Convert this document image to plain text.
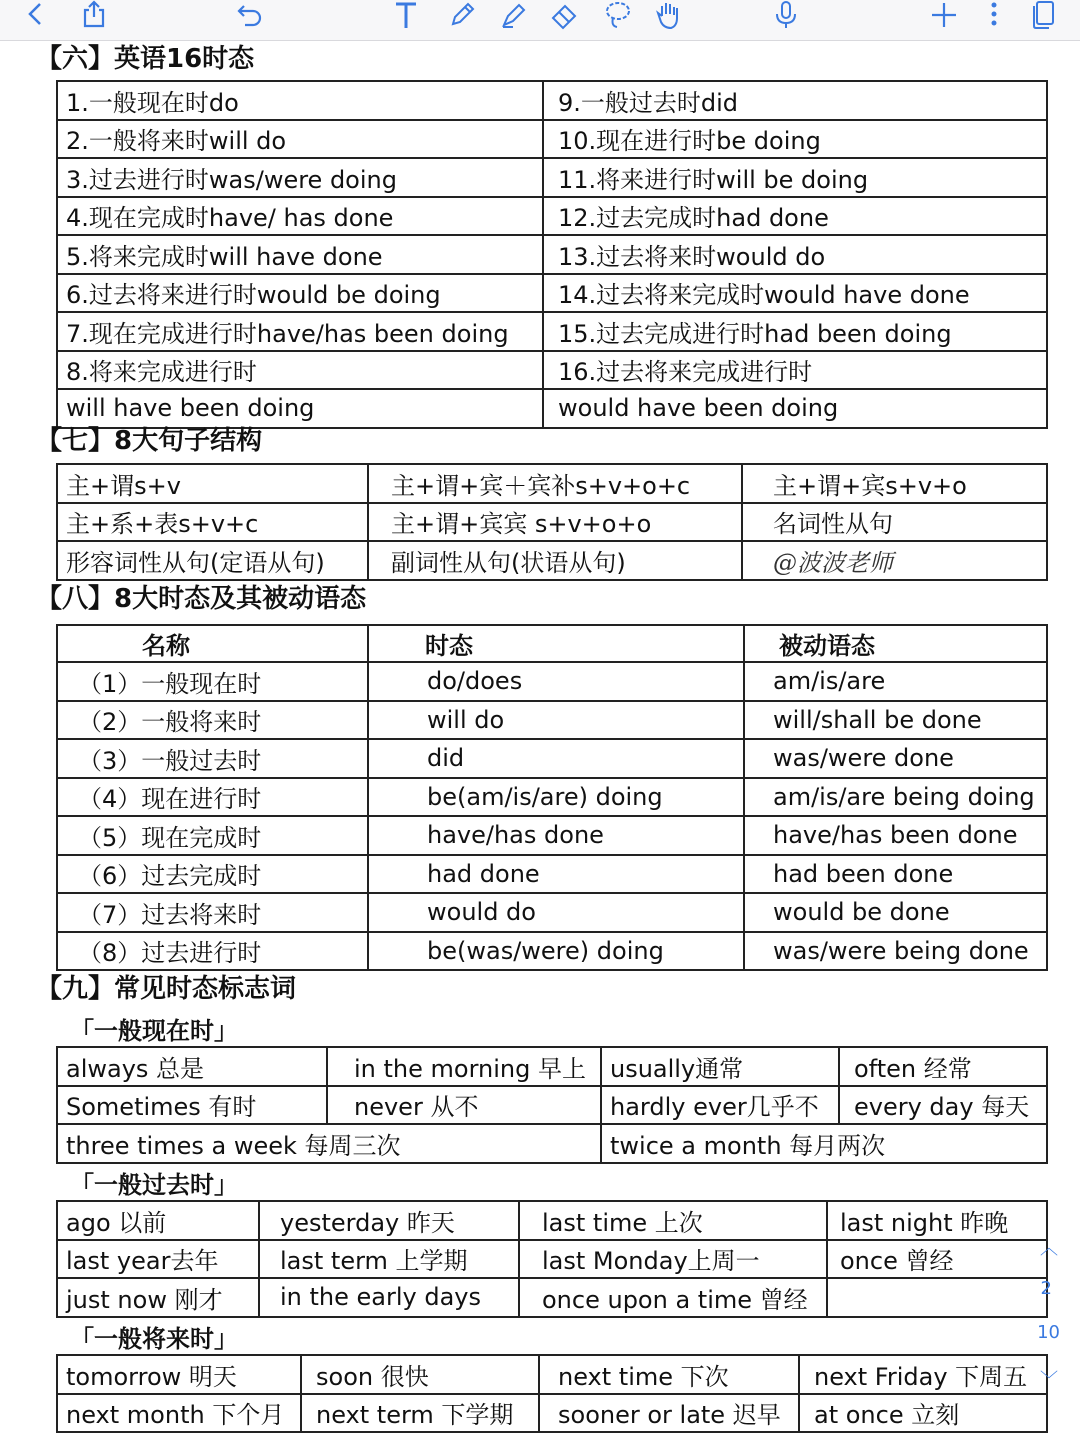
【六】英语16时态
1.一般现在时do	9.一般过去时did
2.一般将来时will do	10.现在进行时be doing
3.过去进行时was/were doing	11.将来进行时will be doing
4.现在完成时have/ has done	12.过去完成时had done
5.将来完成时will have done	13.过去将来时would do
6.过去将来进行时would be doing	14.过去将来完成时would have done
7.现在完成进行时have/has been doing	15.过去完成进行时had been doing
8.将来完成进行时	16.过去将来完成进行时
will have been doing	would have been doing
【七】8大句子结构
主+谓s+v	主+谓+宾＋宾补s+v+o+c	主+谓+宾s+v+o
主+系+表s+v+c	主+谓+宾宾 s+v+o+o	名词性从句
形容词性从句(定语从句)	副词性从句(状语从句)	@波波老师
【八】8大时态及其被动语态
名称	时态	被动语态
（1）一般现在时	do/does	am/is/are
（2）一般将来时	will do	will/shall be done
（3）一般过去时	did	was/were done
（4）现在进行时	be(am/is/are) doing	am/is/are being doing
（5）现在完成时	have/has done	have/has been done
（6）过去完成时	had done	had been done
（7）过去将来时	would do	would be done
（8）过去进行时	be(was/were) doing	was/were being done
【九】常见时态标志词
「一般现在时」
always 总是	in the morning 早上	usually通常	often 经常
Sometimes 有时	never 从不	hardly ever几乎不	every day 每天
three times a week 每周三次		twice a month 每月两次	
「一般过去时」
ago 以前	yesterday 昨天	last time 上次	last night 昨晚
last year去年	last term 上学期	last Monday上周一	once 曾经
just now 刚才	in the early days	once upon a time 曾经	
「一般将来时」
tomorrow 明天	soon 很快	next time 下次	next Friday 下周五
next month 下个月	next term 下学期	sooner or late 迟早	at once 立刻
︿
2
10
﹀
